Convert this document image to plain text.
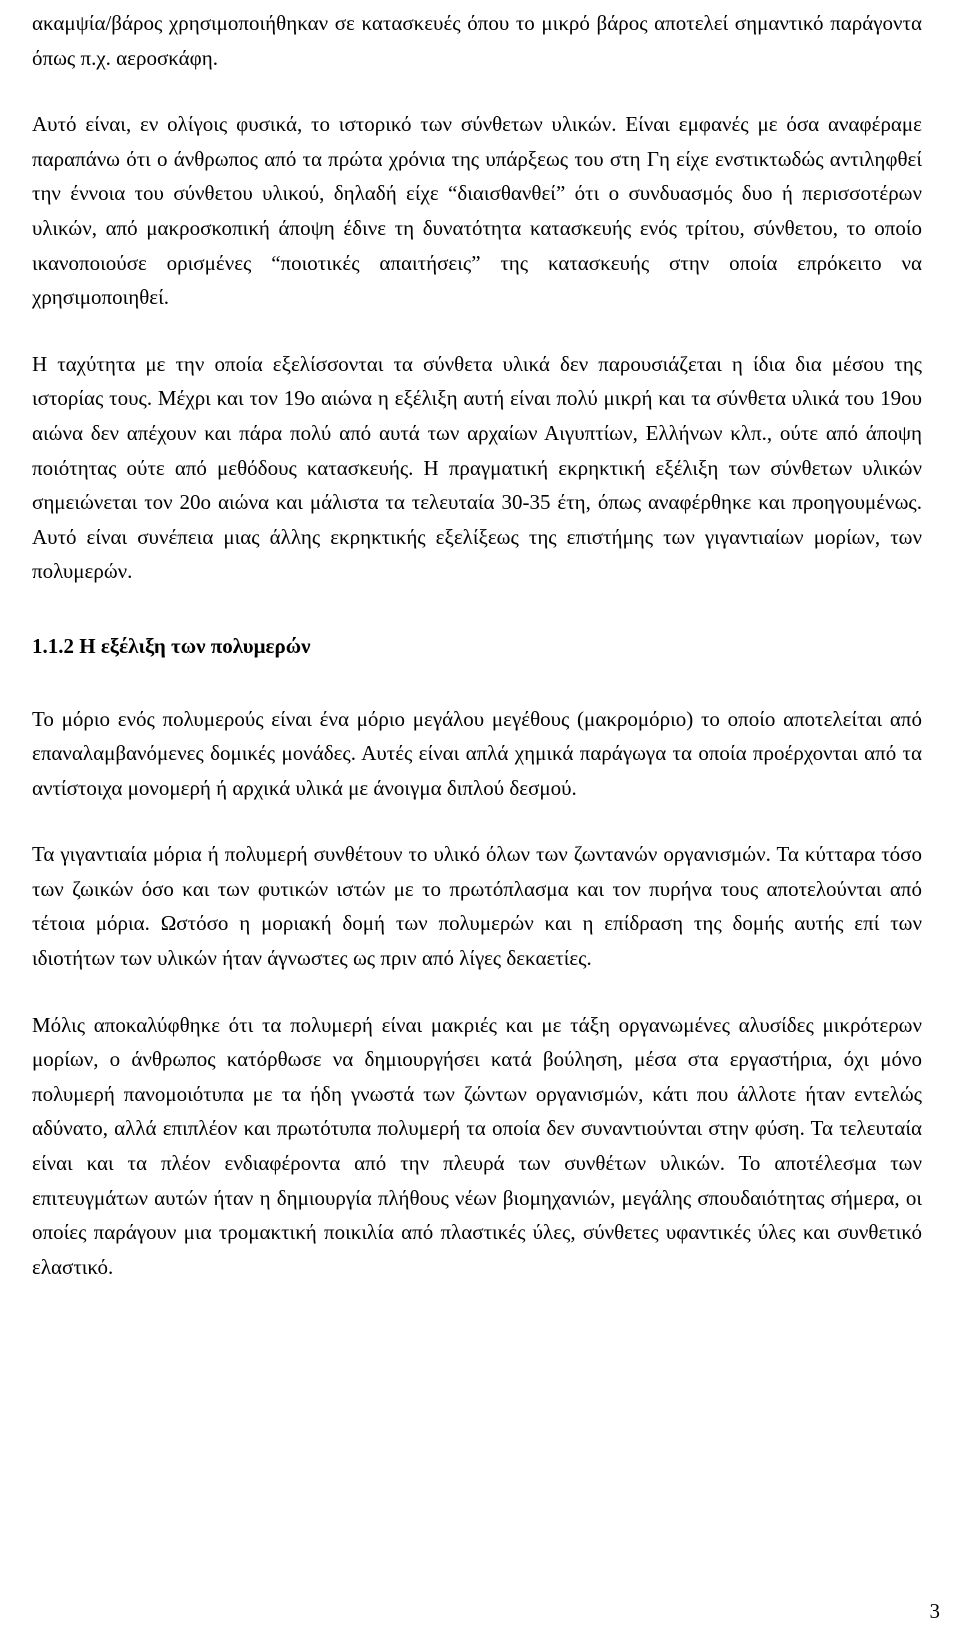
ακαμψία/βάρος χρησιμοποιήθηκαν σε κατασκευές όπου το μικρό βάρος αποτελεί σημαντικό παράγοντα όπως π.χ. αεροσκάφη.

Αυτό είναι, εν ολίγοις φυσικά, το ιστορικό των σύνθετων υλικών. Είναι εμφανές με όσα αναφέραμε παραπάνω ότι ο άνθρωπος από τα πρώτα χρόνια της υπάρξεως του στη Γη είχε ενστικτωδώς αντιληφθεί την έννοια του σύνθετου υλικού, δηλαδή είχε “διαισθανθεί” ότι ο συνδυασμός δυο ή περισσοτέρων υλικών, από μακροσκοπική άποψη έδινε τη δυνατότητα κατασκευής ενός τρίτου, σύνθετου, το οποίο ικανοποιούσε ορισμένες “ποιοτικές απαιτήσεις” της κατασκευής στην οποία επρόκειτο να χρησιμοποιηθεί.

Η ταχύτητα με την οποία εξελίσσονται τα σύνθετα υλικά δεν παρουσιάζεται η ίδια δια μέσου της ιστορίας τους. Μέχρι και τον 19ο αιώνα η εξέλιξη αυτή είναι πολύ μικρή και τα σύνθετα υλικά του 19ου αιώνα δεν απέχουν και πάρα πολύ από αυτά των αρχαίων Αιγυπτίων, Ελλήνων κλπ., ούτε από άποψη ποιότητας ούτε από μεθόδους κατασκευής. Η πραγματική εκρηκτική εξέλιξη των σύνθετων υλικών σημειώνεται τον 20ο αιώνα και μάλιστα τα τελευταία 30-35 έτη, όπως αναφέρθηκε και προηγουμένως. Αυτό είναι συνέπεια μιας άλλης εκρηκτικής εξελίξεως της επιστήμης των γιγαντιαίων μορίων, των πολυμερών.

1.1.2 Η εξέλιξη των πολυμερών

Το μόριο ενός πολυμερούς είναι ένα μόριο μεγάλου μεγέθους (μακρομόριο) το οποίο αποτελείται από επαναλαμβανόμενες δομικές μονάδες. Αυτές είναι απλά χημικά παράγωγα τα οποία προέρχονται από τα αντίστοιχα μονομερή ή αρχικά υλικά με άνοιγμα διπλού δεσμού.

Τα γιγαντιαία μόρια ή πολυμερή συνθέτουν το υλικό όλων των ζωντανών οργανισμών. Τα κύτταρα τόσο των ζωικών όσο και των φυτικών ιστών με το πρωτόπλασμα και τον πυρήνα τους αποτελούνται από τέτοια μόρια. Ωστόσο η μοριακή δομή των πολυμερών και η επίδραση της δομής αυτής επί των ιδιοτήτων των υλικών ήταν άγνωστες ως πριν από λίγες δεκαετίες.

Μόλις αποκαλύφθηκε ότι τα πολυμερή είναι μακριές και με τάξη οργανωμένες αλυσίδες μικρότερων μορίων, ο άνθρωπος κατόρθωσε να δημιουργήσει κατά βούληση, μέσα στα εργαστήρια, όχι μόνο πολυμερή πανομοιότυπα με τα ήδη γνωστά των ζώντων οργανισμών, κάτι που άλλοτε ήταν εντελώς αδύνατο, αλλά επιπλέον και πρωτότυπα πολυμερή τα οποία δεν συναντιούνται στην φύση. Τα τελευταία είναι και τα πλέον ενδιαφέροντα από την πλευρά των συνθέτων υλικών. Το αποτέλεσμα των επιτευγμάτων αυτών ήταν η δημιουργία πλήθους νέων βιομηχανιών, μεγάλης σπουδαιότητας σήμερα, οι οποίες παράγουν μια τρομακτική ποικιλία από πλαστικές ύλες, σύνθετες υφαντικές ύλες και συνθετικό ελαστικό.

3
